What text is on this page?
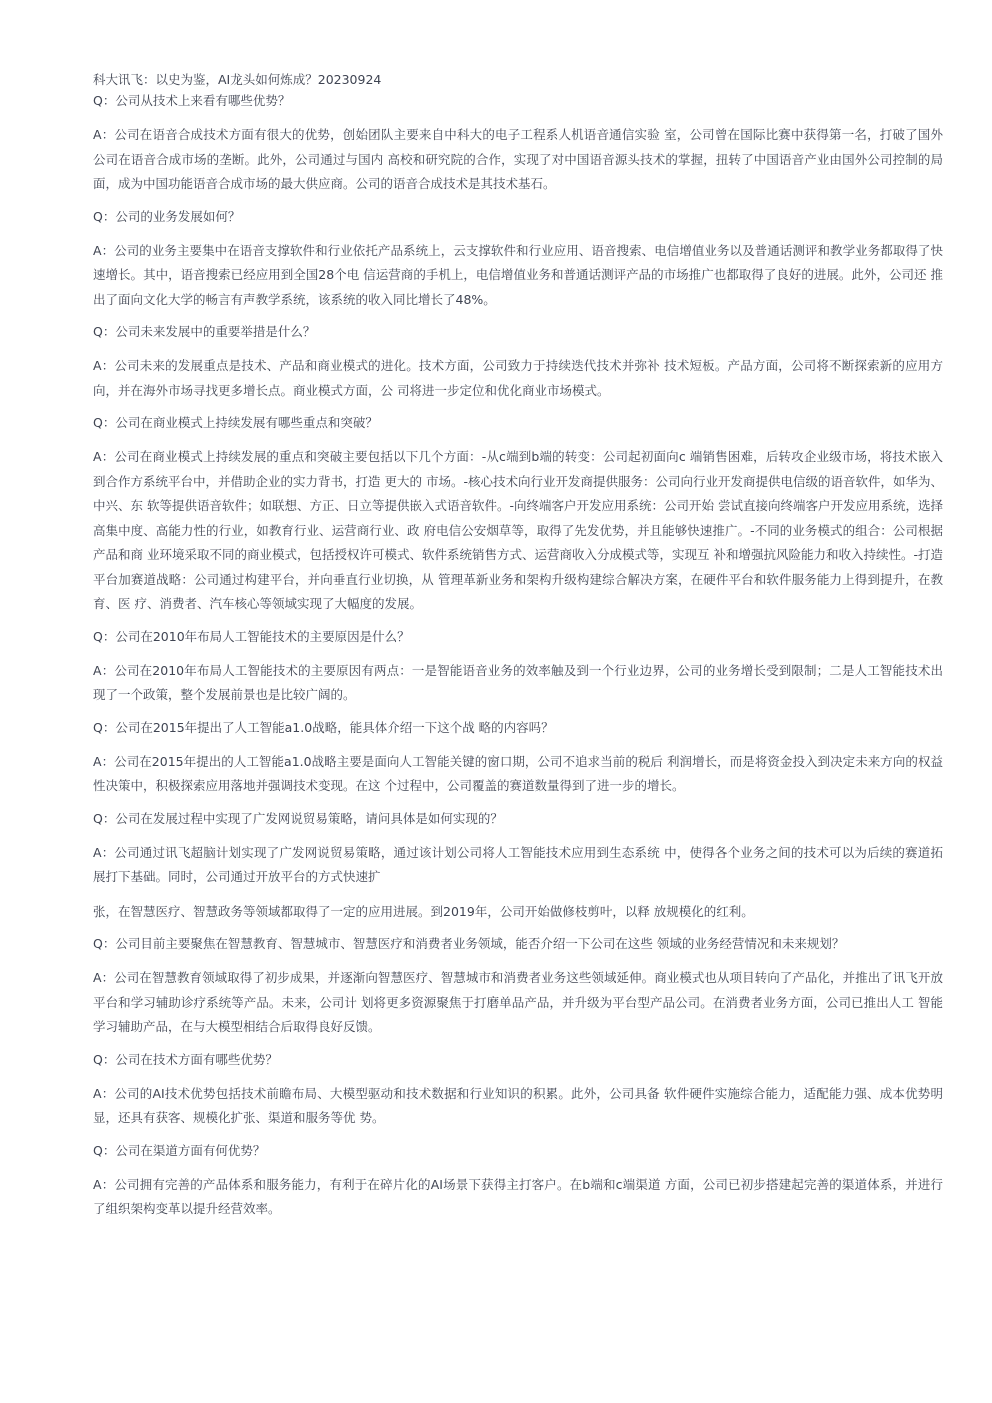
科大讯飞：以史为鉴，AI龙头如何炼成？20230924

Q：公司从技术上来看有哪些优势？

A：公司在语音合成技术方面有很大的优势，创始团队主要来自中科大的电子工程系人机语音通信实验 室，公司曾在国际比赛中获得第一名，打破了国外公司在语音合成市场的垄断。此外，公司通过与国内 高校和研究院的合作，实现了对中国语音源头技术的掌握，扭转了中国语音产业由国外公司控制的局 面，成为中国功能语音合成市场的最大供应商。公司的语音合成技术是其技术基石。

Q：公司的业务发展如何？

A：公司的业务主要集中在语音支撑软件和行业依托产品系统上，云支撑软件和行业应用、语音搜索、电信增值业务以及普通话测评和教学业务都取得了快速增长。其中，语音搜索已经应用到全国28个电 信运营商的手机上，电信增值业务和普通话测评产品的市场推广也都取得了良好的进展。此外，公司还 推出了面向文化大学的畅言有声教学系统，该系统的收入同比增长了48%。

Q：公司未来发展中的重要举措是什么？

A：公司未来的发展重点是技术、产品和商业模式的进化。技术方面，公司致力于持续迭代技术并弥补 技术短板。产品方面，公司将不断探索新的应用方向，并在海外市场寻找更多增长点。商业模式方面，公 司将进一步定位和优化商业市场模式。

Q：公司在商业模式上持续发展有哪些重点和突破？

A：公司在商业模式上持续发展的重点和突破主要包括以下几个方面：-从c端到b端的转变：公司起初面向c 端销售困难，后转攻企业级市场，将技术嵌入到合作方系统平台中，并借助企业的实力背书，打造 更大的 市场。-核心技术向行业开发商提供服务：公司向行业开发商提供电信级的语音软件，如华为、中兴、东 软等提供语音软件；如联想、方正、日立等提供嵌入式语音软件。-向终端客户开发应用系统：公司开始 尝试直接向终端客户开发应用系统，选择高集中度、高能力性的行业，如教育行业、运营商行业、政 府电信公安烟草等，取得了先发优势，并且能够快速推广。-不同的业务模式的组合：公司根据产品和商 业环境采取不同的商业模式，包括授权许可模式、软件系统销售方式、运营商收入分成模式等，实现互 补和增强抗风险能力和收入持续性。-打造平台加赛道战略：公司通过构建平台，并向垂直行业切换，从 管理革新业务和架构升级构建综合解决方案，在硬件平台和软件服务能力上得到提升，在教育、医 疗、消费者、汽车核心等领域实现了大幅度的发展。

Q：公司在2010年布局人工智能技术的主要原因是什么？

A：公司在2010年布局人工智能技术的主要原因有两点：一是智能语音业务的效率触及到一个行业边界，公司的业务增长受到限制；二是人工智能技术出现了一个政策，整个发展前景也是比较广阔的。

Q：公司在2015年提出了人工智能a1.0战略，能具体介绍一下这个战 略的内容吗？

A：公司在2015年提出的人工智能a1.0战略主要是面向人工智能关键的窗口期，公司不追求当前的税后 利润增长，而是将资金投入到决定未来方向的权益性决策中，积极探索应用落地并强调技术变现。在这 个过程中，公司覆盖的赛道数量得到了进一步的增长。

Q：公司在发展过程中实现了广发网说贸易策略，请问具体是如何实现的？

A：公司通过讯飞超脑计划实现了广发网说贸易策略，通过该计划公司将人工智能技术应用到生态系统 中，使得各个业务之间的技术可以为后续的赛道拓展打下基础。同时，公司通过开放平台的方式快速扩

张，在智慧医疗、智慧政务等领域都取得了一定的应用进展。到2019年，公司开始做修枝剪叶，以释 放规模化的红利。

Q：公司目前主要聚焦在智慧教育、智慧城市、智慧医疗和消费者业务领域，能否介绍一下公司在这些 领域的业务经营情况和未来规划？

A：公司在智慧教育领域取得了初步成果，并逐渐向智慧医疗、智慧城市和消费者业务这些领域延伸。商业模式也从项目转向了产品化，并推出了讯飞开放平台和学习辅助诊疗系统等产品。未来，公司计 划将更多资源聚焦于打磨单品产品，并升级为平台型产品公司。在消费者业务方面，公司已推出人工 智能学习辅助产品，在与大模型相结合后取得良好反馈。

Q：公司在技术方面有哪些优势？

A：公司的AI技术优势包括技术前瞻布局、大模型驱动和技术数据和行业知识的积累。此外，公司具备 软件硬件实施综合能力，适配能力强、成本优势明显，还具有获客、规模化扩张、渠道和服务等优 势。

Q：公司在渠道方面有何优势？

A：公司拥有完善的产品体系和服务能力，有利于在碎片化的AI场景下获得主打客户。在b端和c端渠道 方面，公司已初步搭建起完善的渠道体系，并进行了组织架构变革以提升经营效率。
